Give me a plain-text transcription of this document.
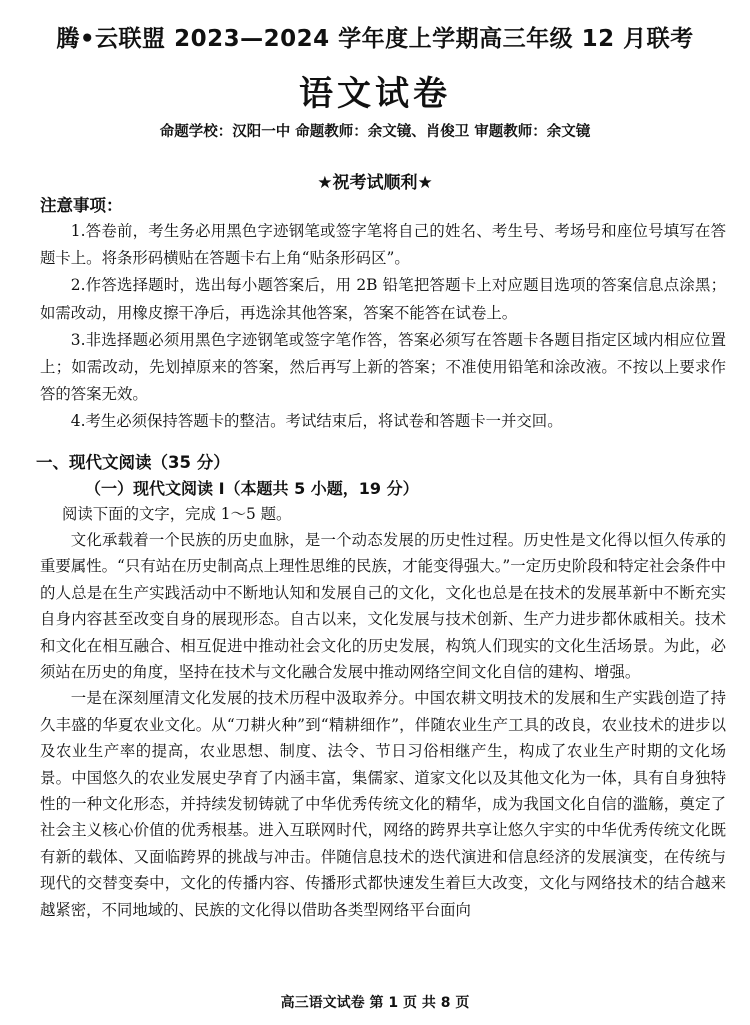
腾•云联盟 2023—2024 学年度上学期高三年级 12 月联考
语文试卷
命题学校：汉阳一中 命题教师：余文镜、肖俊卫 审题教师：余文镜
★祝考试顺利★
注意事项：

1.答卷前，考生务必用黑色字迹钢笔或签字笔将自己的姓名、考生号、考场号和座位号填写在答题卡上。将条形码横贴在答题卡右上角“贴条形码区”。

2.作答选择题时，选出每小题答案后，用 2B 铅笔把答题卡上对应题目选项的答案信息点涂黑；如需改动，用橡皮擦干净后，再选涂其他答案，答案不能答在试卷上。

3.非选择题必须用黑色字迹钢笔或签字笔作答，答案必须写在答题卡各题目指定区域内相应位置上；如需改动，先划掉原来的答案，然后再写上新的答案；不准使用铅笔和涂改液。不按以上要求作答的答案无效。

4.考生必须保持答题卡的整洁。考试结束后，将试卷和答题卡一并交回。

一、现代文阅读（35 分）
（一）现代文阅读 I（本题共 5 小题，19 分）
阅读下面的文字，完成 1～5 题。

文化承载着一个民族的历史血脉，是一个动态发展的历史性过程。历史性是文化得以恒久传承的重要属性。“只有站在历史制高点上理性思维的民族，才能变得强大。”一定历史阶段和特定社会条件中的人总是在生产实践活动中不断地认知和发展自己的文化，文化也总是在技术的发展革新中不断充实自身内容甚至改变自身的展现形态。自古以来，文化发展与技术创新、生产力进步都休戚相关。技术和文化在相互融合、相互促进中推动社会文化的历史发展，构筑人们现实的文化生活场景。为此，必须站在历史的角度，坚持在技术与文化融合发展中推动网络空间文化自信的建构、增强。

一是在深刻厘清文化发展的技术历程中汲取养分。中国农耕文明技术的发展和生产实践创造了持久丰盛的华夏农业文化。从“刀耕火种”到“精耕细作”，伴随农业生产工具的改良，农业技术的进步以及农业生产率的提高，农业思想、制度、法令、节日习俗相继产生，构成了农业生产时期的文化场景。中国悠久的农业发展史孕育了内涵丰富，集儒家、道家文化以及其他文化为一体，具有自身独特性的一种文化形态，并持续发韧铸就了中华优秀传统文化的精华，成为我国文化自信的滥觞，奠定了社会主义核心价值的优秀根基。进入互联网时代，网络的跨界共享让悠久宇实的中华优秀传统文化既有新的载体、又面临跨界的挑战与冲击。伴随信息技术的迭代演进和信息经济的发展演变，在传统与现代的交替变奏中，文化的传播内容、传播形式都快速发生着巨大改变，文化与网络技术的结合越来越紧密，不同地域的、民族的文化得以借助各类型网络平台面向

高三语文试卷 第 1 页 共 8 页
